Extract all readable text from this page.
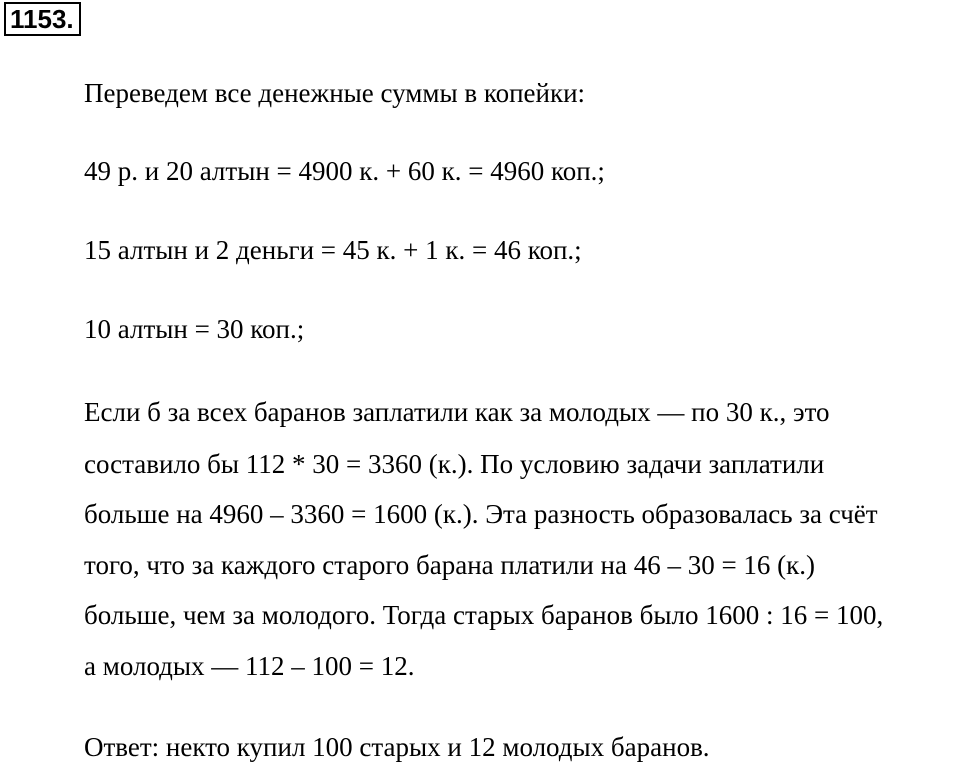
1153.
Переведем все денежные суммы в копейки:
49 р. и 20 алтын = 4900 к. + 60 к. = 4960 коп.;
15 алтын и 2 деньги = 45 к. + 1 к. = 46 коп.;
10 алтын = 30 коп.;
Если б за всех баранов заплатили как за молодых — по 30 к., это
составило бы 112 * 30 = 3360 (к.). По условию задачи заплатили
больше на 4960 – 3360 = 1600 (к.). Эта разность образовалась за счёт
того, что за каждого старого барана платили на 46 – 30 = 16 (к.)
больше, чем за молодого. Тогда старых баранов было 1600 : 16 = 100,
а молодых — 112 – 100 = 12.
Ответ: некто купил 100 старых и 12 молодых баранов.
